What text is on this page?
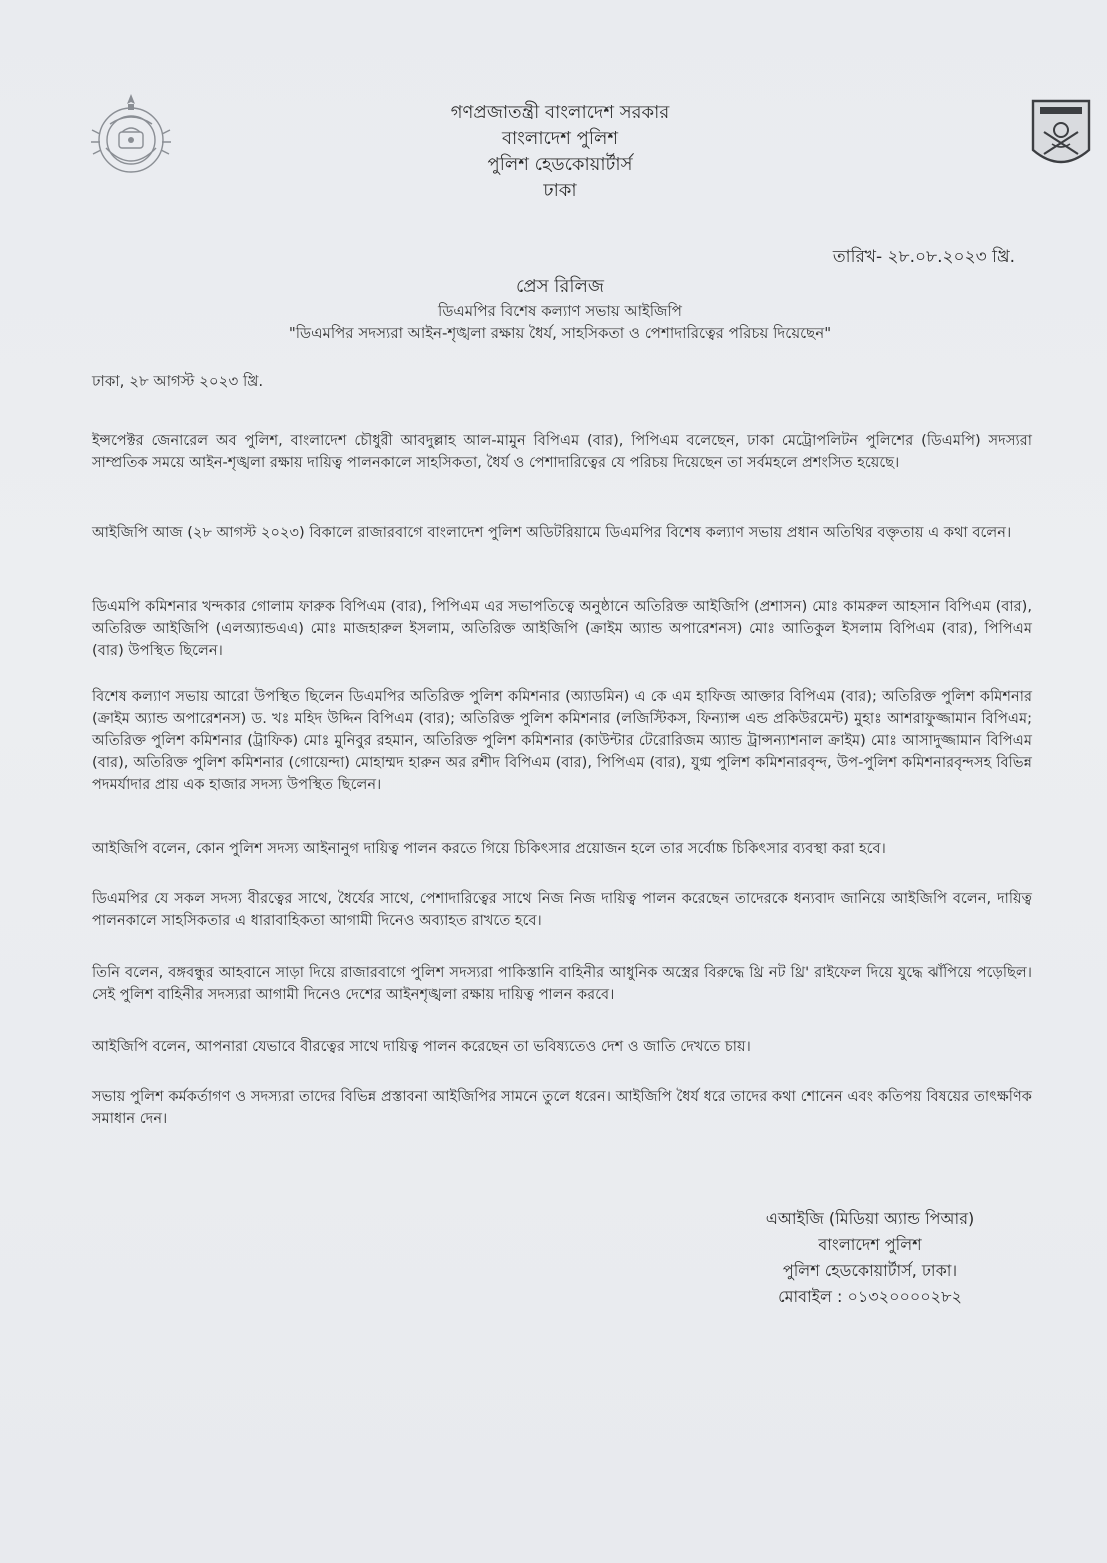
গণপ্রজাতন্ত্রী বাংলাদেশ সরকার
বাংলাদেশ পুলিশ
পুলিশ হেডকোয়ার্টার্স
ঢাকা
তারিখ- ২৮.০৮.২০২৩ খ্রি.
প্রেস রিলিজ
ডিএমপির বিশেষ কল্যাণ সভায় আইজিপি
"ডিএমপির সদস্যরা আইন-শৃঙ্খলা রক্ষায় ধৈর্য, সাহসিকতা ও পেশাদারিত্বের পরিচয় দিয়েছেন"
ঢাকা, ২৮ আগস্ট ২০২৩ খ্রি.
ইন্সপেক্টর জেনারেল অব পুলিশ, বাংলাদেশ চৌধুরী আবদুল্লাহ আল-মামুন বিপিএম (বার), পিপিএম বলেছেন, ঢাকা মেট্রোপলিটন পুলিশের (ডিএমপি) সদস্যরা সাম্প্রতিক সময়ে আইন-শৃঙ্খলা রক্ষায় দায়িত্ব পালনকালে সাহসিকতা, ধৈর্য ও পেশাদারিত্বের যে পরিচয় দিয়েছেন তা সর্বমহলে প্রশংসিত হয়েছে।
আইজিপি আজ (২৮ আগস্ট ২০২৩) বিকালে রাজারবাগে বাংলাদেশ পুলিশ অডিটরিয়ামে ডিএমপির বিশেষ কল্যাণ সভায় প্রধান অতিথির বক্তৃতায় এ কথা বলেন।
ডিএমপি কমিশনার খন্দকার গোলাম ফারুক বিপিএম (বার), পিপিএম এর সভাপতিত্বে অনুষ্ঠানে অতিরিক্ত আইজিপি (প্রশাসন) মোঃ কামরুল আহসান বিপিএম (বার), অতিরিক্ত আইজিপি (এলঅ্যান্ডএএ) মোঃ মাজহারুল ইসলাম, অতিরিক্ত আইজিপি (ক্রাইম অ্যান্ড অপারেশনস) মোঃ আতিকুল ইসলাম বিপিএম (বার), পিপিএম (বার) উপস্থিত ছিলেন।
বিশেষ কল্যাণ সভায় আরো উপস্থিত ছিলেন ডিএমপির অতিরিক্ত পুলিশ কমিশনার (অ্যাডমিন) এ কে এম হাফিজ আক্তার বিপিএম (বার); অতিরিক্ত পুলিশ কমিশনার (ক্রাইম অ্যান্ড অপারেশনস) ড. খঃ মহিদ উদ্দিন বিপিএম (বার); অতিরিক্ত পুলিশ কমিশনার (লজিস্টিকস, ফিন্যান্স এন্ড প্রকিউরমেন্ট) মুহাঃ আশরাফুজ্জামান বিপিএম; অতিরিক্ত পুলিশ কমিশনার (ট্রাফিক) মোঃ মুনিবুর রহমান, অতিরিক্ত পুলিশ কমিশনার (কাউন্টার টেরোরিজম অ্যান্ড ট্রান্সন্যাশনাল ক্রাইম) মোঃ আসাদুজ্জামান বিপিএম (বার), অতিরিক্ত পুলিশ কমিশনার (গোয়েন্দা) মোহাম্মদ হারুন অর রশীদ বিপিএম (বার), পিপিএম (বার), যুগ্ম পুলিশ কমিশনারবৃন্দ, উপ-পুলিশ কমিশনারবৃন্দসহ বিভিন্ন পদমর্যাদার প্রায় এক হাজার সদস্য উপস্থিত ছিলেন।
আইজিপি বলেন, কোন পুলিশ সদস্য আইনানুগ দায়িত্ব পালন করতে গিয়ে চিকিৎসার প্রয়োজন হলে তার সর্বোচ্চ চিকিৎসার ব্যবস্থা করা হবে।
ডিএমপির যে সকল সদস্য বীরত্বের সাথে, ধৈর্যের সাথে, পেশাদারিত্বের সাথে নিজ নিজ দায়িত্ব পালন করেছেন তাদেরকে ধন্যবাদ জানিয়ে আইজিপি বলেন, দায়িত্ব পালনকালে সাহসিকতার এ ধারাবাহিকতা আগামী দিনেও অব্যাহত রাখতে হবে।
তিনি বলেন, বঙ্গবন্ধুর আহবানে সাড়া দিয়ে রাজারবাগে পুলিশ সদস্যরা পাকিস্তানি বাহিনীর আধুনিক অস্ত্রের বিরুদ্ধে থ্রি নট থ্রি' রাইফেল দিয়ে যুদ্ধে ঝাঁপিয়ে পড়েছিল। সেই পুলিশ বাহিনীর সদস্যরা আগামী দিনেও দেশের আইনশৃঙ্খলা রক্ষায় দায়িত্ব পালন করবে।
আইজিপি বলেন, আপনারা যেভাবে বীরত্বের সাথে দায়িত্ব পালন করেছেন তা ভবিষ্যতেও দেশ ও জাতি দেখতে চায়।
সভায় পুলিশ কর্মকর্তাগণ ও সদস্যরা তাদের বিভিন্ন প্রস্তাবনা আইজিপির সামনে তুলে ধরেন। আইজিপি ধৈর্য ধরে তাদের কথা শোনেন এবং কতিপয় বিষয়ের তাৎক্ষণিক সমাধান দেন।
এআইজি (মিডিয়া অ্যান্ড পিআর)
বাংলাদেশ পুলিশ
পুলিশ হেডকোয়ার্টার্স, ঢাকা।
মোবাইল : ০১৩২০০০০২৮২
